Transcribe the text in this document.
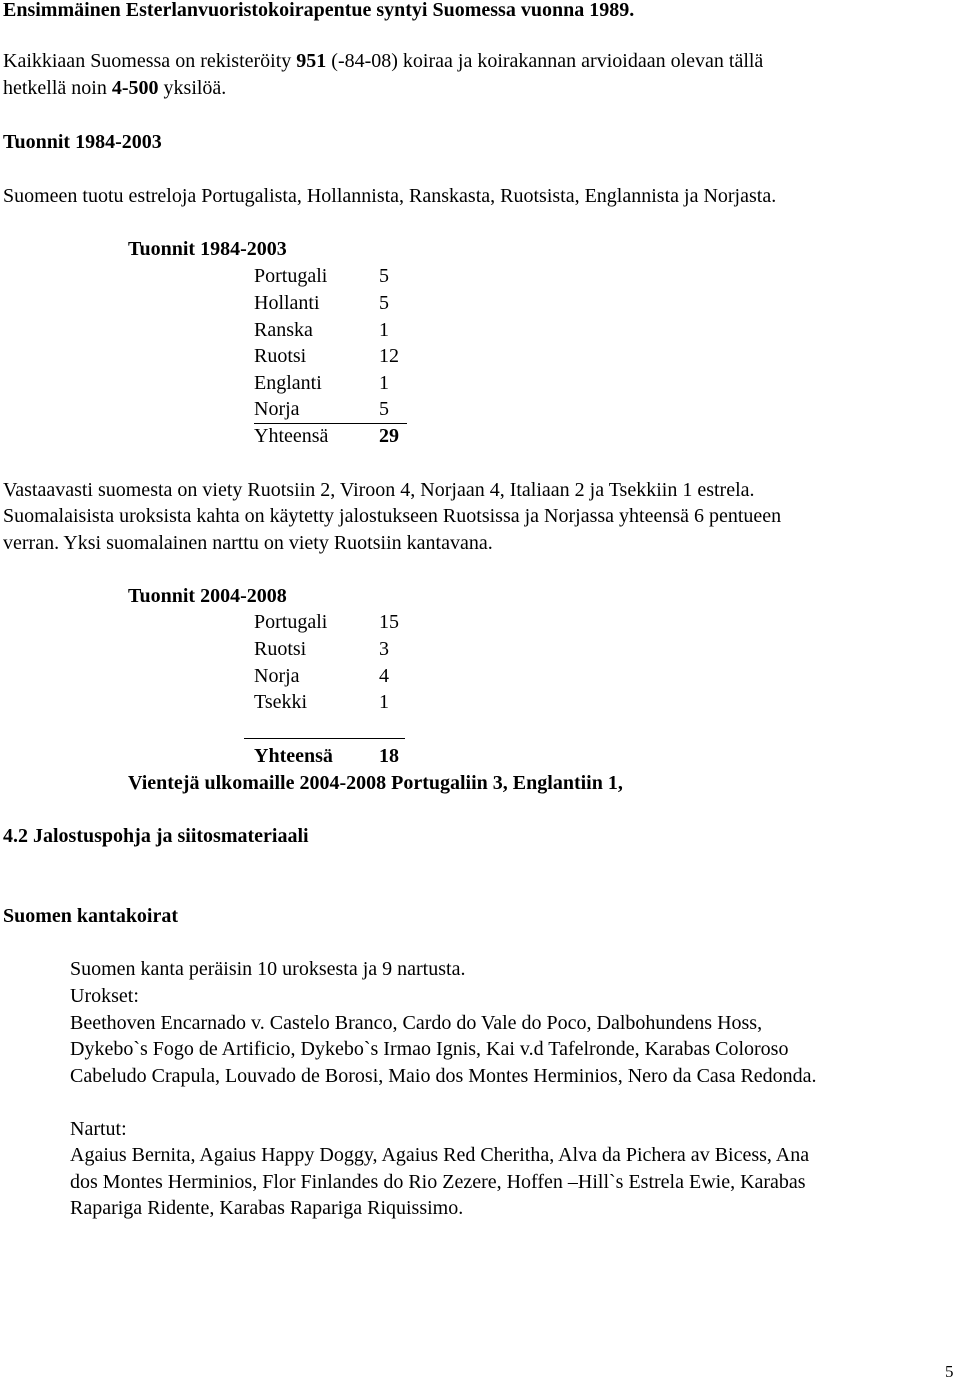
Ensimmäinen Esterlanvuoristokoirapentue syntyi Suomessa vuonna 1989.
Kaikkiaan Suomessa on rekisteröity 951 (-84-08) koiraa ja koirakannan arvioidaan olevan tällä
hetkellä noin 4-500 yksilöä.
Tuonnit 1984-2003
Suomeen tuotu estreloja Portugalista, Hollannista, Ranskasta, Ruotsista, Englannista ja Norjasta.
Tuonnit 1984-2003
Portugali	5
Hollanti	5
Ranska	1
Ruotsi	12
Englanti	1
Norja	5
Yhteensä	29
Vastaavasti suomesta on viety Ruotsiin 2, Viroon 4, Norjaan 4, Italiaan 2 ja Tsekkiin 1 estrela.
Suomalaisista uroksista kahta on käytetty jalostukseen Ruotsissa ja Norjassa yhteensä 6 pentueen
verran. Yksi suomalainen narttu on viety Ruotsiin kantavana.
Tuonnit 2004-2008
Portugali	15
Ruotsi	3
Norja	4
Tsekki	1
Yhteensä 18
Vientejä ulkomaille 2004-2008 Portugaliin 3, Englantiin 1,
4.2 Jalostuspohja ja siitosmateriaali
Suomen kantakoirat
Suomen kanta peräisin 10 uroksesta ja 9 nartusta.
Urokset:
Beethoven Encarnado v. Castelo Branco, Cardo do Vale do Poco, Dalbohundens Hoss,
Dykebo`s Fogo de Artificio, Dykebo`s Irmao Ignis, Kai v.d Tafelronde, Karabas Coloroso
Cabeludo Crapula, Louvado de Borosi, Maio dos Montes Herminios, Nero da Casa Redonda.
Nartut:
Agaius Bernita, Agaius Happy Doggy, Agaius Red Cheritha, Alva da Pichera av Bicess, Ana
dos Montes Herminios, Flor Finlandes do Rio Zezere, Hoffen –Hill`s Estrela Ewie, Karabas
Rapariga Ridente, Karabas Rapariga Riquissimo.
5
